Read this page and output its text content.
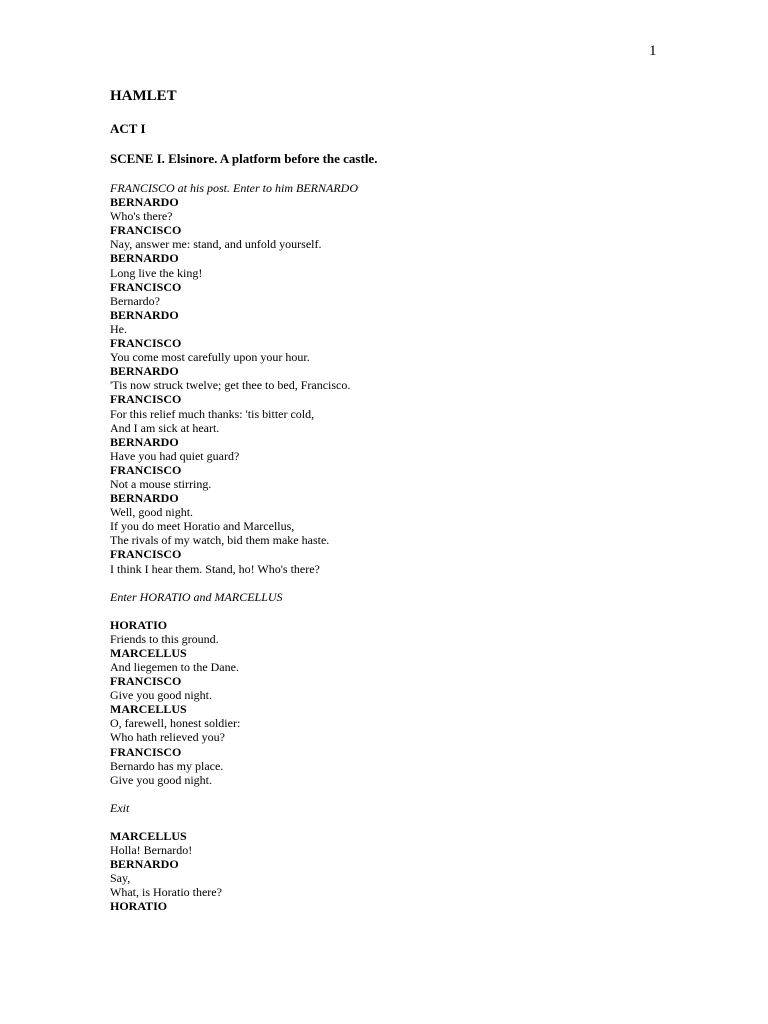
1
HAMLET
ACT I
SCENE I. Elsinore. A platform before the castle.
FRANCISCO at his post. Enter to him BERNARDO
BERNARDO
Who's there?
FRANCISCO
Nay, answer me: stand, and unfold yourself.
BERNARDO
Long live the king!
FRANCISCO
Bernardo?
BERNARDO
He.
FRANCISCO
You come most carefully upon your hour.
BERNARDO
'Tis now struck twelve; get thee to bed, Francisco.
FRANCISCO
For this relief much thanks: 'tis bitter cold,
And I am sick at heart.
BERNARDO
Have you had quiet guard?
FRANCISCO
Not a mouse stirring.
BERNARDO
Well, good night.
If you do meet Horatio and Marcellus,
The rivals of my watch, bid them make haste.
FRANCISCO
I think I hear them. Stand, ho! Who's there?
Enter HORATIO and MARCELLUS
HORATIO
Friends to this ground.
MARCELLUS
And liegemen to the Dane.
FRANCISCO
Give you good night.
MARCELLUS
O, farewell, honest soldier:
Who hath relieved you?
FRANCISCO
Bernardo has my place.
Give you good night.
Exit
MARCELLUS
Holla! Bernardo!
BERNARDO
Say,
What, is Horatio there?
HORATIO
